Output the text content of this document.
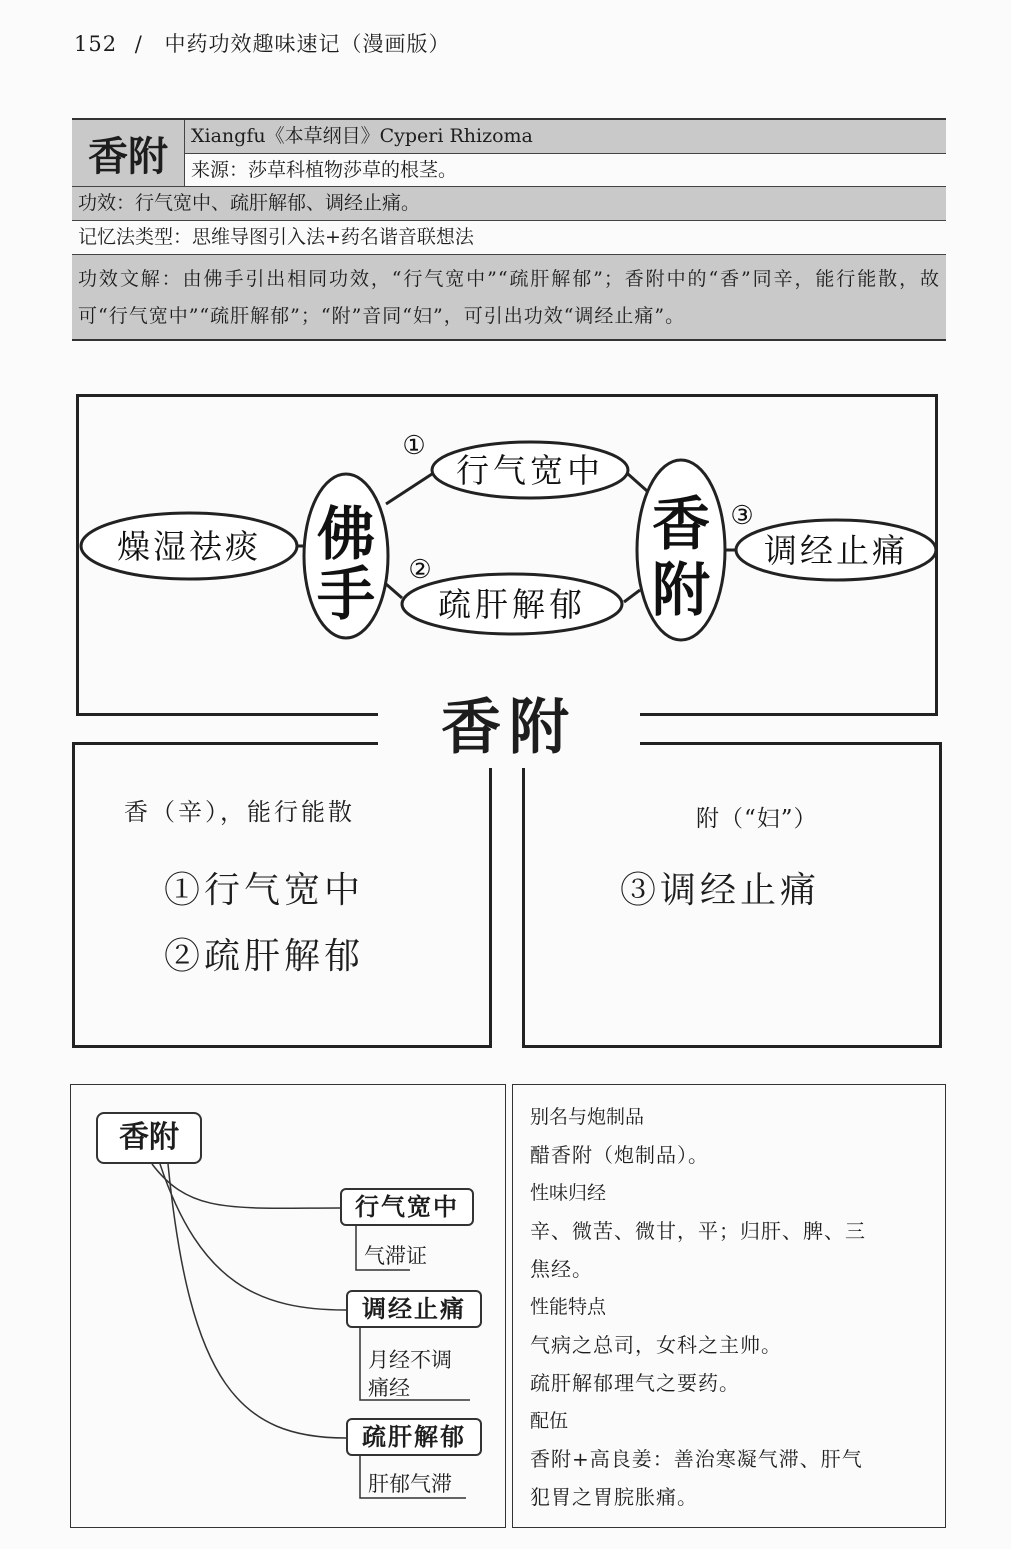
152 / 中药功效趣味速记（漫画版）
香附	Xiangfu《本草纲目》Cyperi Rhizoma
来源：莎草科植物莎草的根茎。
功效：行气宽中、疏肝解郁、调经止痛。
记忆法类型：思维导图引入法+药名谐音联想法
功效文解：由佛手引出相同功效，“行气宽中”“疏肝解郁”；香附中的“香”同辛，能行能散，故可“行气宽中”“疏肝解郁”；“附”音同“妇”，可引出功效“调经止痛”。
燥湿祛痰
行气宽中
疏肝解郁
调经止痛
①
②
③
佛
手
香
附
香附
香（辛），能行能散
①行气宽中
②疏肝解郁
附（“妇”）
③调经止痛
香附
行气宽中
调经止痛
疏肝解郁
气滞证
月经不调
痛经
肝郁气滞
别名与炮制品
醋香附（炮制品）。
性味归经
辛、微苦、微甘，平；归肝、脾、三
焦经。
性能特点
气病之总司，女科之主帅。
疏肝解郁理气之要药。
配伍
香附+高良姜：善治寒凝气滞、肝气
犯胃之胃脘胀痛。
